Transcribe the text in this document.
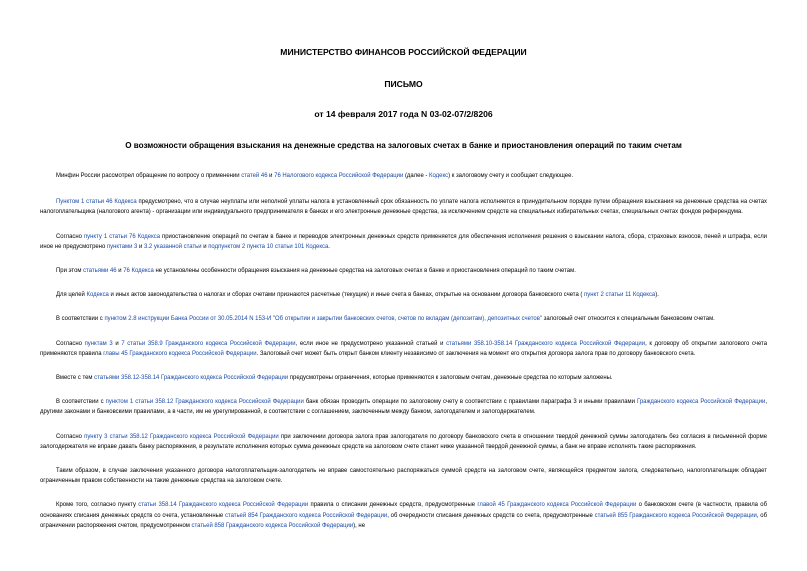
МИНИСТЕРСТВО ФИНАНСОВ РОССИЙСКОЙ ФЕДЕРАЦИИ

ПИСЬМО

от 14 февраля 2017 года N 03-02-07/2/8206

О возможности обращения взыскания на денежные средства на залоговых счетах в банке и приостановления операций по таким счетам

Минфин России рассмотрел обращение по вопросу о применении статей 46 и 76 Налогового кодекса Российской Федерации (далее - Кодекс) к залоговому счету и сообщает следующее.

Пунктом 1 статьи 46 Кодекса предусмотрено, что в случае неуплаты или неполной уплаты налога в установленный срок обязанность по уплате налога исполняется в принудительном порядке путем обращения взыскания на денежные средства на счетах налогоплательщика (налогового агента) - организации или индивидуального предпринимателя в банках и его электронные денежные средства, за исключением средств на специальных избирательных счетах, специальных счетах фондов референдума.

Согласно пункту 1 статьи 76 Кодекса приостановление операций по счетам в банке и переводов электронных денежных средств применяется для обеспечения исполнения решения о взыскании налога, сбора, страховых взносов, пеней и штрафа, если иное не предусмотрено пунктами 3 и 3.2 указанной статьи и подпунктом 2 пункта 10 статьи 101 Кодекса.

При этом статьями 46 и 76 Кодекса не установлены особенности обращения взыскания на денежные средства на залоговых счетах в банке и приостановления операций по таким счетам.

Для целей Кодекса и иных актов законодательства о налогах и сборах счетами признаются расчетные (текущие) и иные счета в банках, открытые на основании договора банковского счета ( пункт 2 статьи 11 Кодекса).

В соответствии с пунктом 2.8 инструкции Банка России от 30.05.2014 N 153-И "Об открытии и закрытии банковских счетов, счетов по вкладам (депозитам), депозитных счетов" залоговый счет относится к специальным банковским счетам.

Согласно пунктам 3 и 7 статьи 358.9 Гражданского кодекса Российской Федерации, если иное не предусмотрено указанной статьей и статьями 358.10-358.14 Гражданского кодекса Российской Федерации, к договору об открытии залогового счета применяются правила главы 45 Гражданского кодекса Российской Федерации. Залоговый счет может быть открыт банком клиенту независимо от заключения на момент его открытия договора залога прав по договору банковского счета.

Вместе с тем статьями 358.12-358.14 Гражданского кодекса Российской Федерации предусмотрены ограничения, которые применяются к залоговым счетам, денежные средства по которым заложены.

В соответствии с пунктом 1 статьи 358.12 Гражданского кодекса Российской Федерации банк обязан проводить операции по залоговому счету в соответствии с правилами параграфа 3 и иными правилами Гражданского кодекса Российской Федерации, другими законами и банковскими правилами, а в части, им не урегулированной, в соответствии с соглашением, заключенным между банком, залогодателем и залогодержателем.

Согласно пункту 3 статьи 358.12 Гражданского кодекса Российской Федерации при заключении договора залога прав залогодателя по договору банковского счета в отношении твердой денежной суммы залогодатель без согласия в письменной форме залогодержателя не вправе давать банку распоряжения, в результате исполнения которых сумма денежных средств на залоговом счете станет ниже указанной твердой денежной суммы, а банк не вправе исполнять такие распоряжения.

Таким образом, в случае заключения указанного договора налогоплательщик-залогодатель не вправе самостоятельно распоряжаться суммой средств на залоговом счете, являющейся предметом залога, следовательно, налогоплательщик обладает ограниченным правом собственности на такие денежные средства на залоговом счете.

Кроме того, согласно пункту статьи 358.14 Гражданского кодекса Российской Федерации правила о списании денежных средств, предусмотренные главой 45 Гражданского кодекса Российской Федерации о банковском счете (в частности, правила об основаниях списания денежных средств со счета, установленные статьей 854 Гражданского кодекса Российской Федерации, об очередности списания денежных средств со счета, предусмотренные статьей 855 Гражданского кодекса Российской Федерации, об ограничении распоряжения счетом, предусмотренном статьей 858 Гражданского кодекса Российской Федерации), не
